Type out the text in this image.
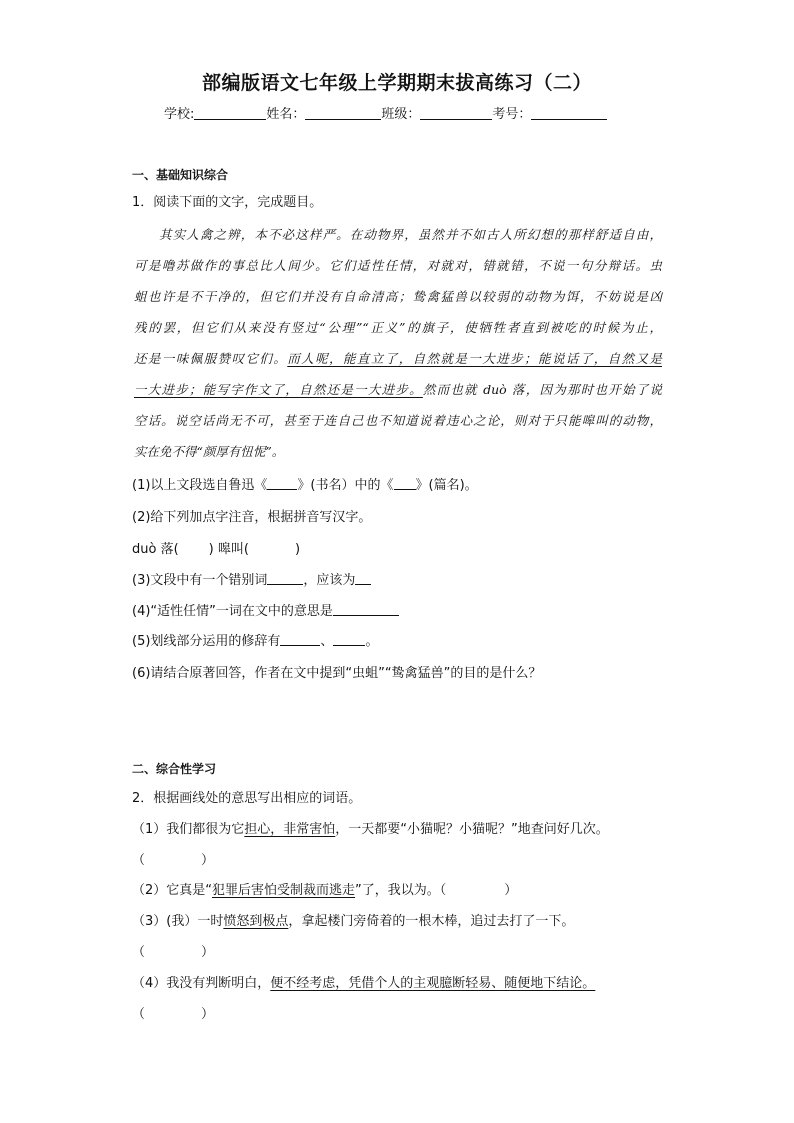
部编版语文七年级上学期期末拔高练习（二）
学校:	姓名：	班级：	考号：
一、基础知识综合
1．阅读下面的文字，完成题目。
其实人禽之辨，本不必这样严。在动物界，虽然并不如古人所幻想的那样舒适自由，
可是噜苏做作的事总比人间少。它们适性任情，对就对，错就错，不说一句分辩话。虫
蛆也许是不干净的，但它们并没有自命清高；鸷禽猛兽以较弱的动物为饵，不妨说是凶
残的罢，但它们从来没有竖过“公理”“正义”的旗子，使牺牲者直到被吃的时候为止，
还是一味佩服赞叹它们。而人呢，能直立了，自然就是一大进步；能说话了，自然又是
一大进步；能写字作文了，自然还是一大进步。然而也就 duò 落，因为那时也开始了说
空话。说空话尚无不可，甚至于连自己也不知道说着违心之论，则对于只能嗥叫的动物，
实在免不得“颜厚有忸怩”。
(1)以上文段选自鲁迅《 》(书名）中的《 》(篇名)。
(2)给下列加点字注音，根据拼音写汉字。
duò 落( ) 嗥叫(	)
(3)文段中有一个错别词	，应该为
(4)“适性任情”一词在文中的意思是
(5)划线部分运用的修辞有	、 。
(6)请结合原著回答，作者在文中提到“虫蛆”“鸷禽猛兽”的目的是什么？
二、综合性学习
2．根据画线处的意思写出相应的词语。
（1）我们都很为它担心，非常害怕，一天都要“小猫呢？小猫呢？”地查问好几次。
（	）
（2）它真是“犯罪后害怕受制裁而逃走”了，我以为。（	）
（3）(我）一时愤怒到极点，拿起楼门旁倚着的一根木棒，追过去打了一下。
（	）
（4）我没有判断明白，便不经考虑，凭借个人的主观臆断轻易、随便地下结论。
（	）
